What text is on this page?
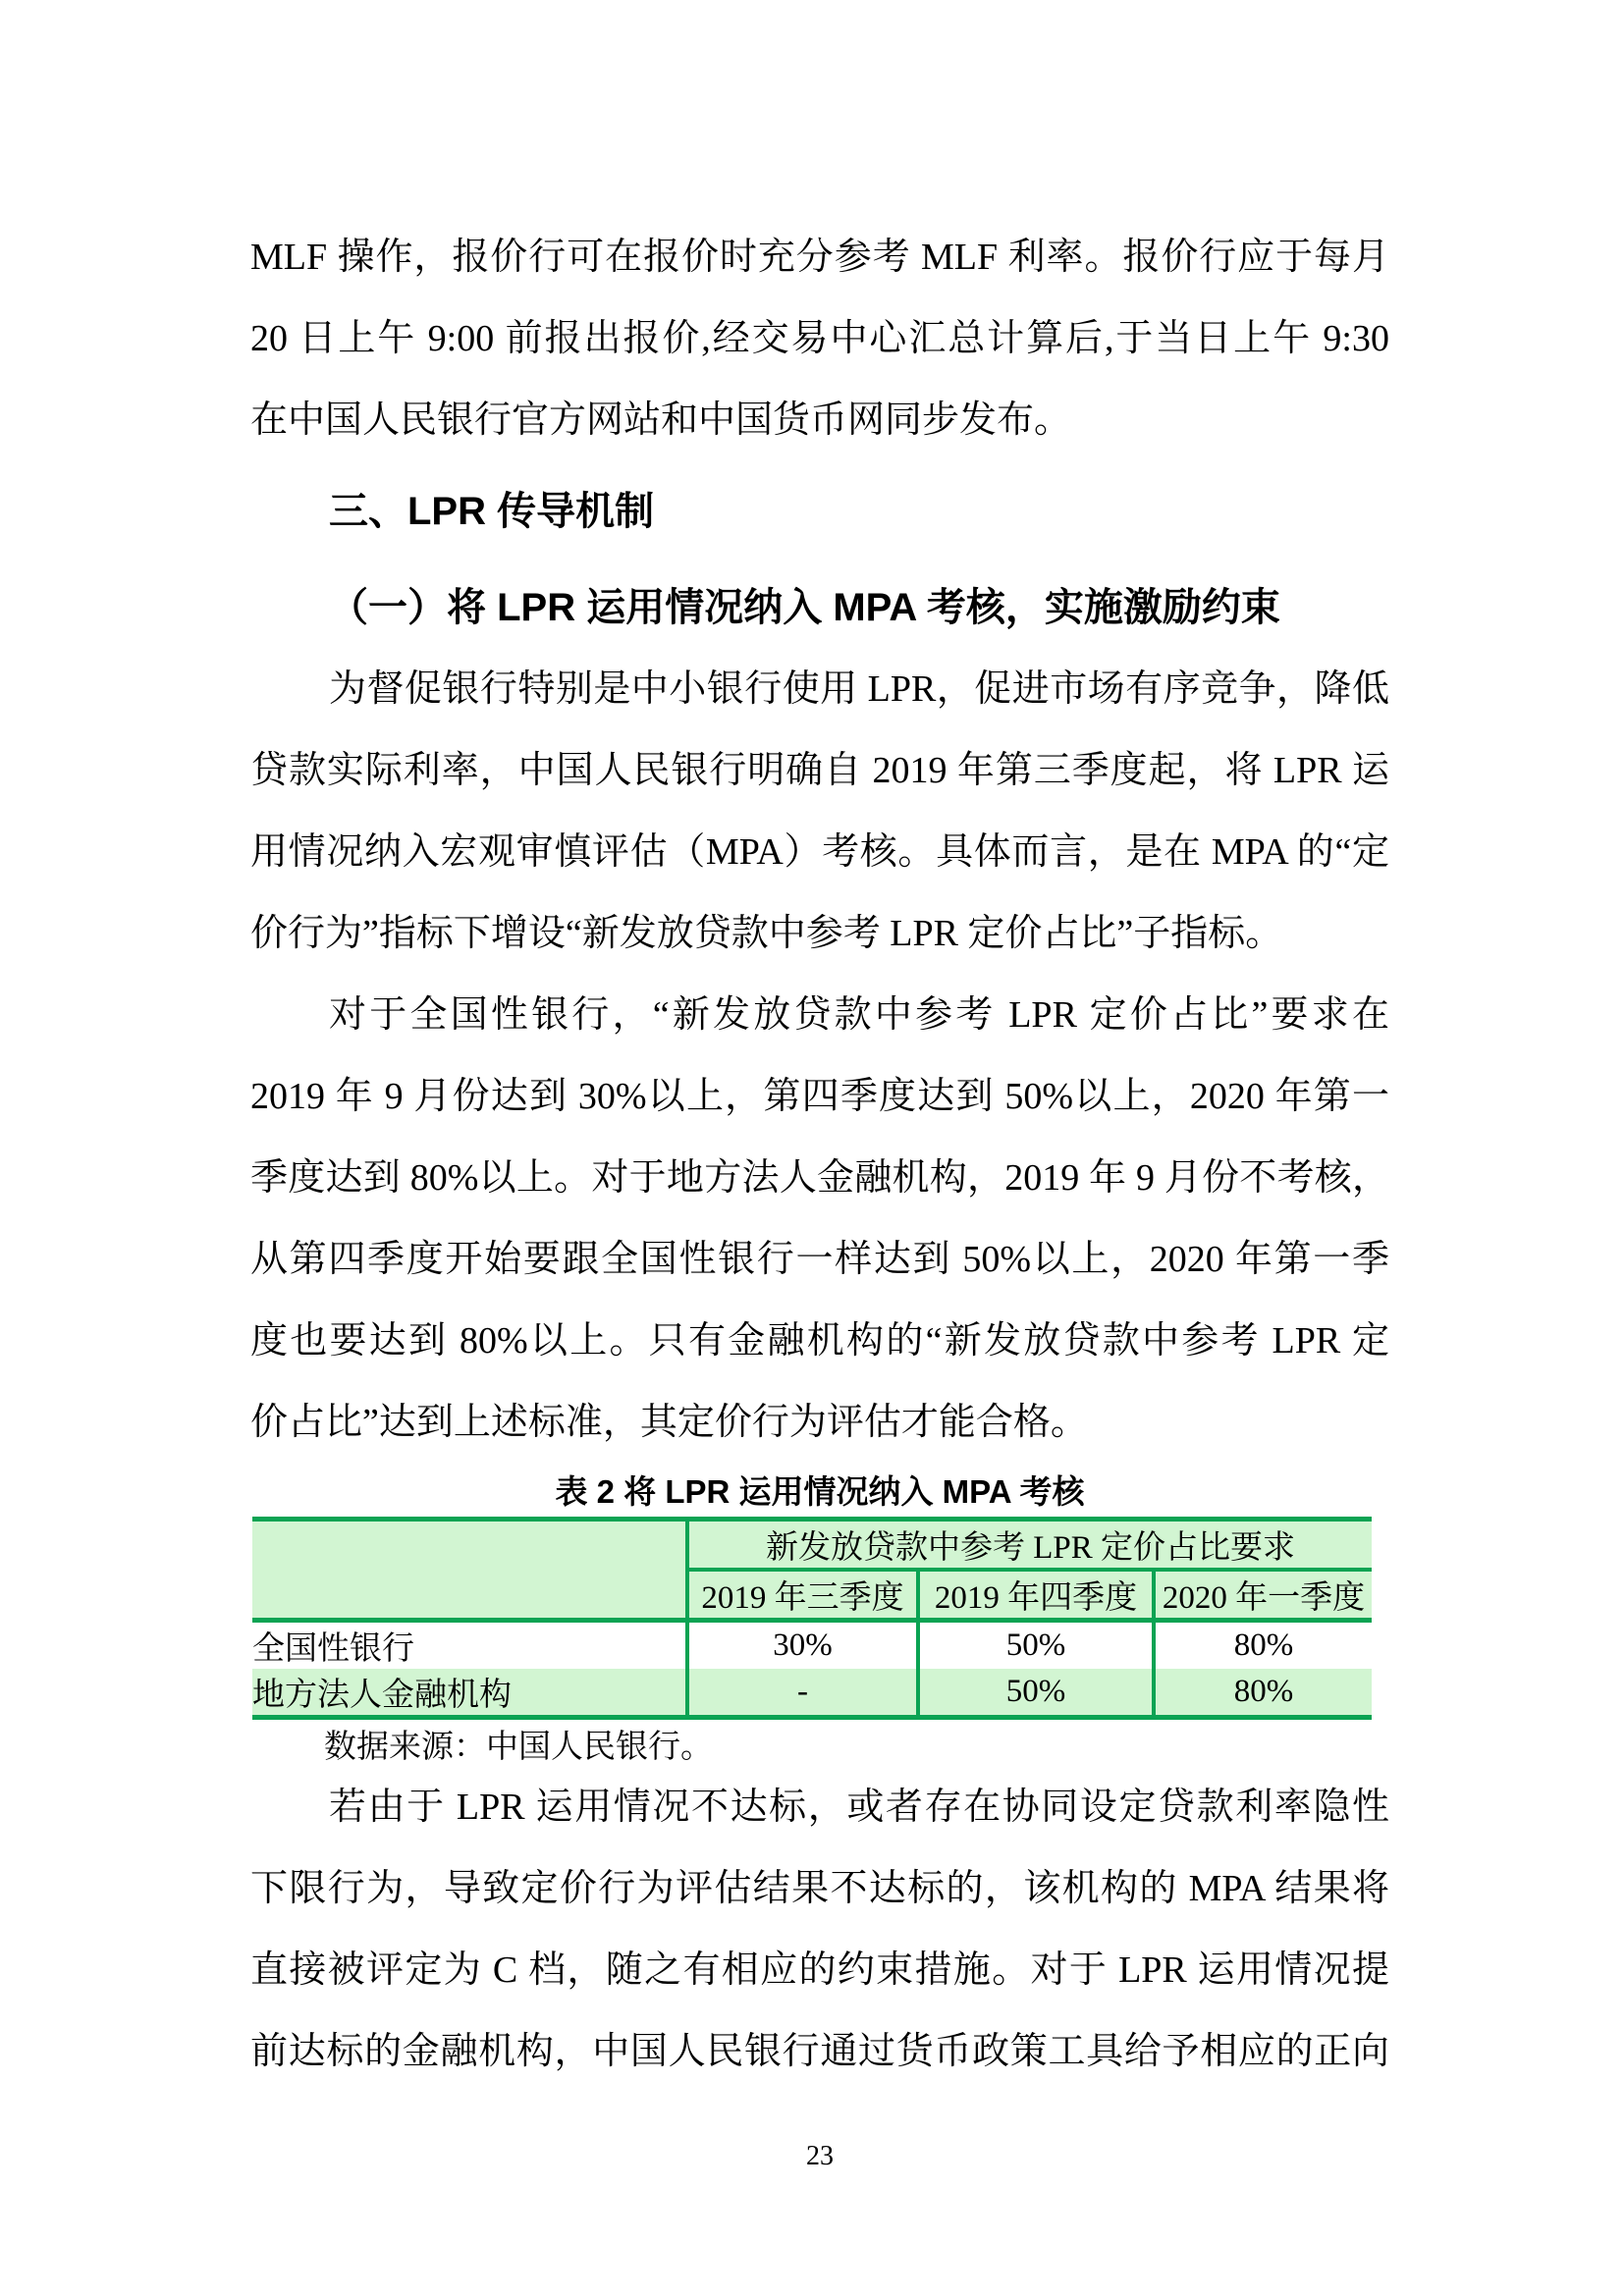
MLF 操作，报价行可在报价时充分参考 MLF 利率。报价行应于每月
20 日上午 9:00 前报出报价,经交易中心汇总计算后,于当日上午 9:30
在中国人民银行官方网站和中国货币网同步发布。
三、LPR 传导机制
（一）将 LPR 运用情况纳入 MPA 考核，实施激励约束
为督促银行特别是中小银行使用 LPR，促进市场有序竞争，降低
贷款实际利率，中国人民银行明确自 2019 年第三季度起，将 LPR 运
用情况纳入宏观审慎评估（MPA）考核。具体而言，是在 MPA 的“定
价行为”指标下增设“新发放贷款中参考 LPR 定价占比”子指标。
对于全国性银行，“新发放贷款中参考 LPR 定价占比”要求在
2019 年 9 月份达到 30%以上，第四季度达到 50%以上，2020 年第一
季度达到 80%以上。对于地方法人金融机构，2019 年 9 月份不考核，
从第四季度开始要跟全国性银行一样达到 50%以上，2020 年第一季
度也要达到 80%以上。只有金融机构的“新发放贷款中参考 LPR 定
价占比”达到上述标准，其定价行为评估才能合格。
表 2 将 LPR 运用情况纳入 MPA 考核
	新发放贷款中参考 LPR 定价占比要求		
	2019 年三季度	2019 年四季度	2020 年一季度
全国性银行	30%	50%	80%
地方法人金融机构	-	50%	80%
数据来源：中国人民银行。
若由于 LPR 运用情况不达标，或者存在协同设定贷款利率隐性
下限行为，导致定价行为评估结果不达标的，该机构的 MPA 结果将
直接被评定为 C 档，随之有相应的约束措施。对于 LPR 运用情况提
前达标的金融机构，中国人民银行通过货币政策工具给予相应的正向
23
